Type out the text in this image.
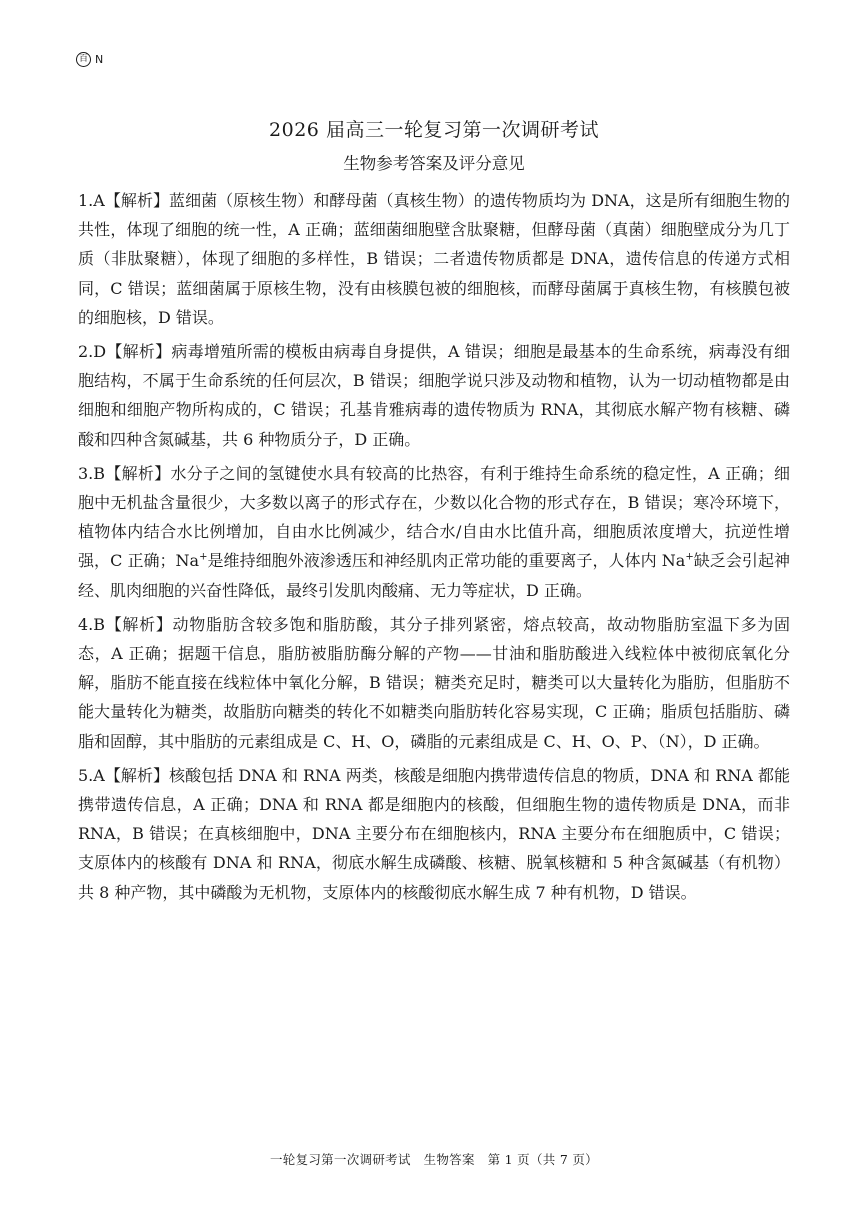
百 N
2026 届高三一轮复习第一次调研考试
生物参考答案及评分意见

1.A【解析】蓝细菌（原核生物）和酵母菌（真核生物）的遗传物质均为 DNA，这是所有细胞生物的共性，体现了细胞的统一性，A 正确；蓝细菌细胞壁含肽聚糖，但酵母菌（真菌）细胞壁成分为几丁质（非肽聚糖），体现了细胞的多样性，B 错误；二者遗传物质都是 DNA，遗传信息的传递方式相同，C 错误；蓝细菌属于原核生物，没有由核膜包被的细胞核，而酵母菌属于真核生物，有核膜包被的细胞核，D 错误。

2.D【解析】病毒增殖所需的模板由病毒自身提供，A 错误；细胞是最基本的生命系统，病毒没有细胞结构，不属于生命系统的任何层次，B 错误；细胞学说只涉及动物和植物，认为一切动植物都是由细胞和细胞产物所构成的，C 错误；孔基肯雅病毒的遗传物质为 RNA，其彻底水解产物有核糖、磷酸和四种含氮碱基，共 6 种物质分子，D 正确。

3.B【解析】水分子之间的氢键使水具有较高的比热容，有利于维持生命系统的稳定性，A 正确；细胞中无机盐含量很少，大多数以离子的形式存在，少数以化合物的形式存在，B 错误；寒冷环境下，植物体内结合水比例增加，自由水比例减少，结合水/自由水比值升高，细胞质浓度增大，抗逆性增强，C 正确；Na+是维持细胞外液渗透压和神经肌肉正常功能的重要离子，人体内 Na+缺乏会引起神经、肌肉细胞的兴奋性降低，最终引发肌肉酸痛、无力等症状，D 正确。

4.B【解析】动物脂肪含较多饱和脂肪酸，其分子排列紧密，熔点较高，故动物脂肪室温下多为固态，A 正确；据题干信息，脂肪被脂肪酶分解的产物——甘油和脂肪酸进入线粒体中被彻底氧化分解，脂肪不能直接在线粒体中氧化分解，B 错误；糖类充足时，糖类可以大量转化为脂肪，但脂肪不能大量转化为糖类，故脂肪向糖类的转化不如糖类向脂肪转化容易实现，C 正确；脂质包括脂肪、磷脂和固醇，其中脂肪的元素组成是 C、H、O，磷脂的元素组成是 C、H、O、P、（N），D 正确。

5.A【解析】核酸包括 DNA 和 RNA 两类，核酸是细胞内携带遗传信息的物质，DNA 和 RNA 都能携带遗传信息，A 正确；DNA 和 RNA 都是细胞内的核酸，但细胞生物的遗传物质是 DNA，而非 RNA，B 错误；在真核细胞中，DNA 主要分布在细胞核内，RNA 主要分布在细胞质中，C 错误；支原体内的核酸有 DNA 和 RNA，彻底水解生成磷酸、核糖、脱氧核糖和 5 种含氮碱基（有机物）共 8 种产物，其中磷酸为无机物，支原体内的核酸彻底水解生成 7 种有机物，D 错误。

一轮复习第一次调研考试　生物答案　第 1 页（共 7 页）
